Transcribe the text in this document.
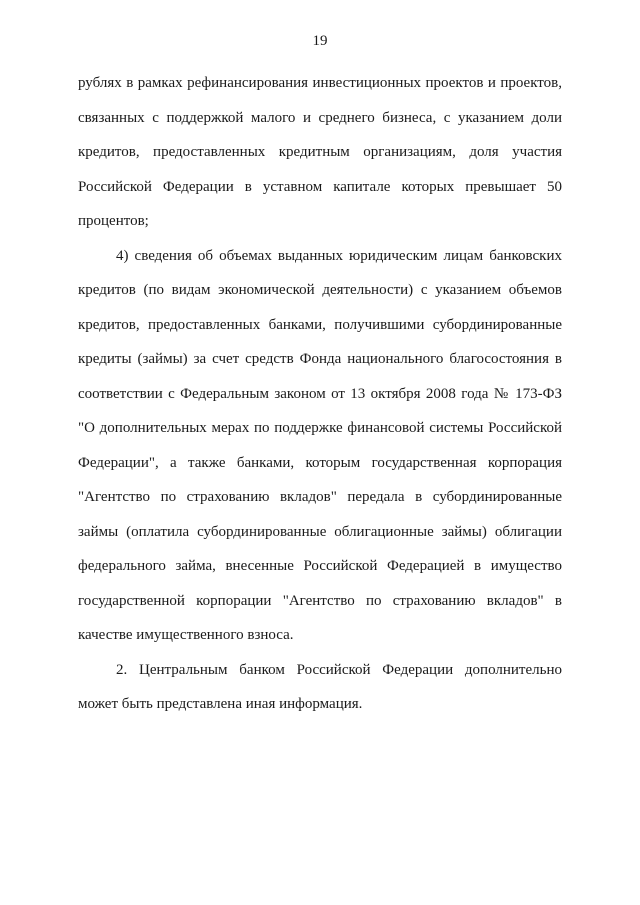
19
рублях в рамках рефинансирования инвестиционных проектов и проектов,
связанных с поддержкой малого и среднего бизнеса, с указанием доли
кредитов, предоставленных кредитным организациям, доля участия
Российской Федерации в уставном капитале которых превышает 50
процентов;
4) сведения об объемах выданных юридическим лицам банковских
кредитов (по видам экономической деятельности) с указанием объемов
кредитов, предоставленных банками, получившими субординированные
кредиты (займы) за счет средств Фонда национального благосостояния в
соответствии с Федеральным законом от 13 октября 2008 года № 173-ФЗ
"О дополнительных мерах по поддержке финансовой системы Российской
Федерации", а также банками, которым государственная корпорация
"Агентство по страхованию вкладов" передала в субординированные
займы (оплатила субординированные облигационные займы) облигации
федерального займа, внесенные Российской Федерацией в имущество
государственной корпорации "Агентство по страхованию вкладов" в
качестве имущественного взноса.
2. Центральным банком Российской Федерации дополнительно
может быть представлена иная информация.
